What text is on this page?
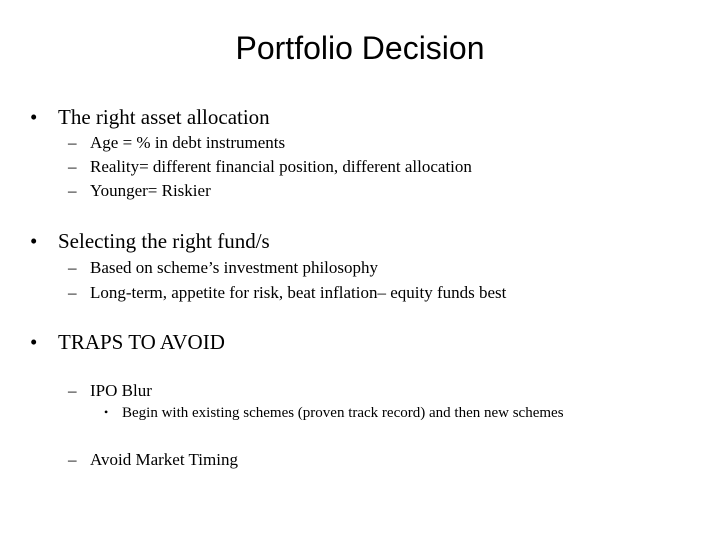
Portfolio Decision
• The right asset allocation
– Age = % in debt instruments
– Reality= different financial position, different allocation
– Younger= Riskier
• Selecting the right fund/s
– Based on scheme’s investment philosophy
– Long-term, appetite for risk, beat inflation– equity funds best
• TRAPS TO AVOID
– IPO Blur
• Begin with existing schemes (proven track record) and then new schemes
– Avoid Market Timing
